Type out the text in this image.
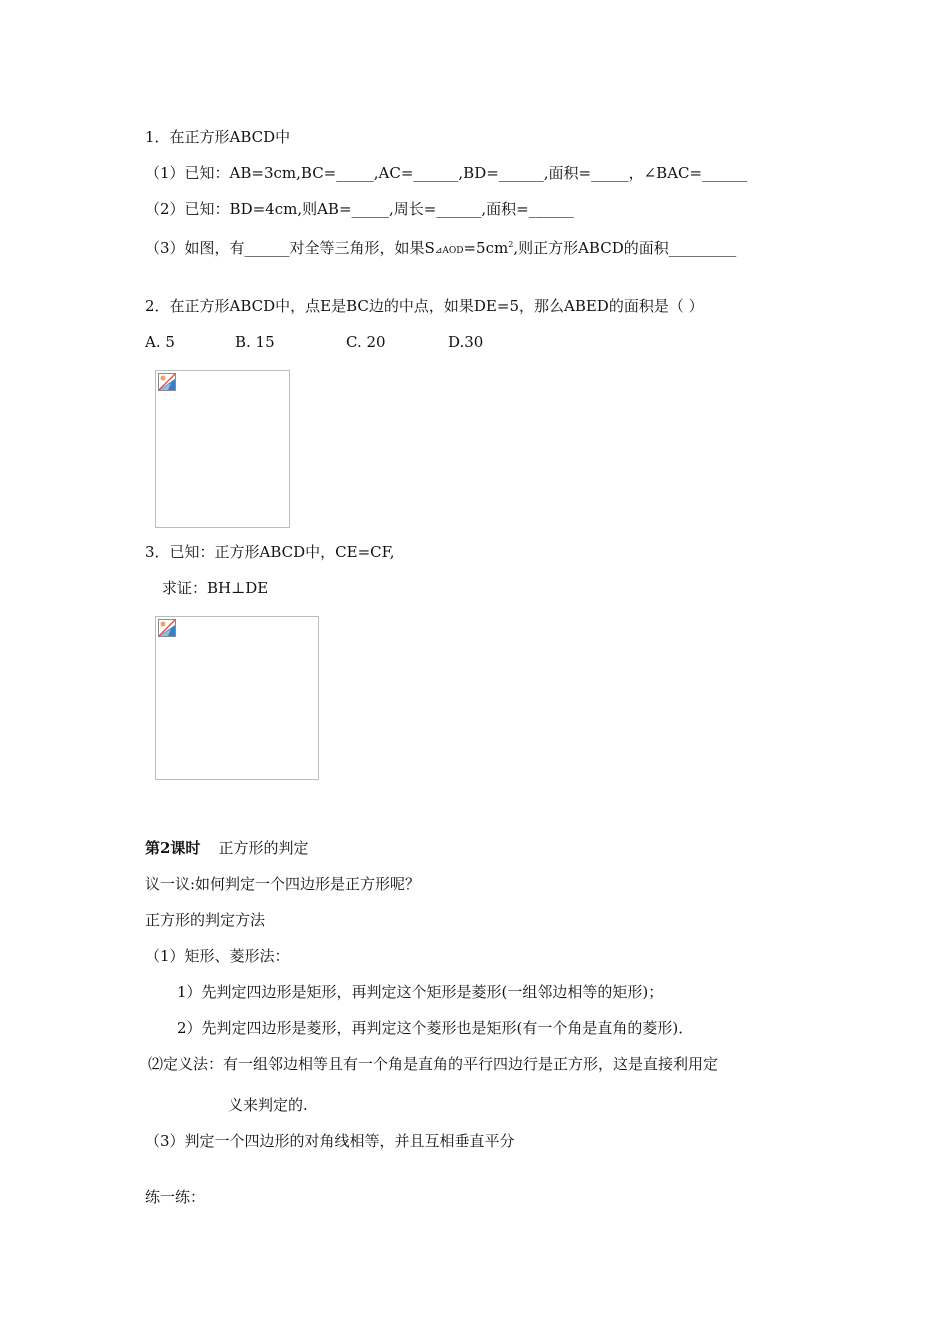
1．在正方形ABCD中
（1）已知：AB=3cm,BC=_____,AC=______,BD=______,面积=_____，∠BAC=______
（2）已知：BD=4cm,则AB=_____,周长=______,面积=______
（3）如图，有______对全等三角形，如果$S⊿AOD=5cm^2$,则正方形ABCD的面积_________
2．在正方形ABCD中，点E是BC边的中点，如果DE=5，那么ABED的面积是（ ）
A. 5	B. 15	C. 20	D.30
3．已知：正方形ABCD中，CE=CF,
求证：BH⊥DE
第2课时 正方形的判定
议一议:如何判定一个四边形是正方形呢？
正方形的判定方法
（1）矩形、菱形法：
1）先判定四边形是矩形，再判定这个矩形是菱形(一组邻边相等的矩形)；
2）先判定四边形是菱形，再判定这个菱形也是矩形(有一个角是直角的菱形)．
⑵定义法：有一组邻边相等且有一个角是直角的平行四边行是正方形，这是直接利用定
义来判定的.
（3）判定一个四边形的对角线相等，并且互相垂直平分
练一练：
